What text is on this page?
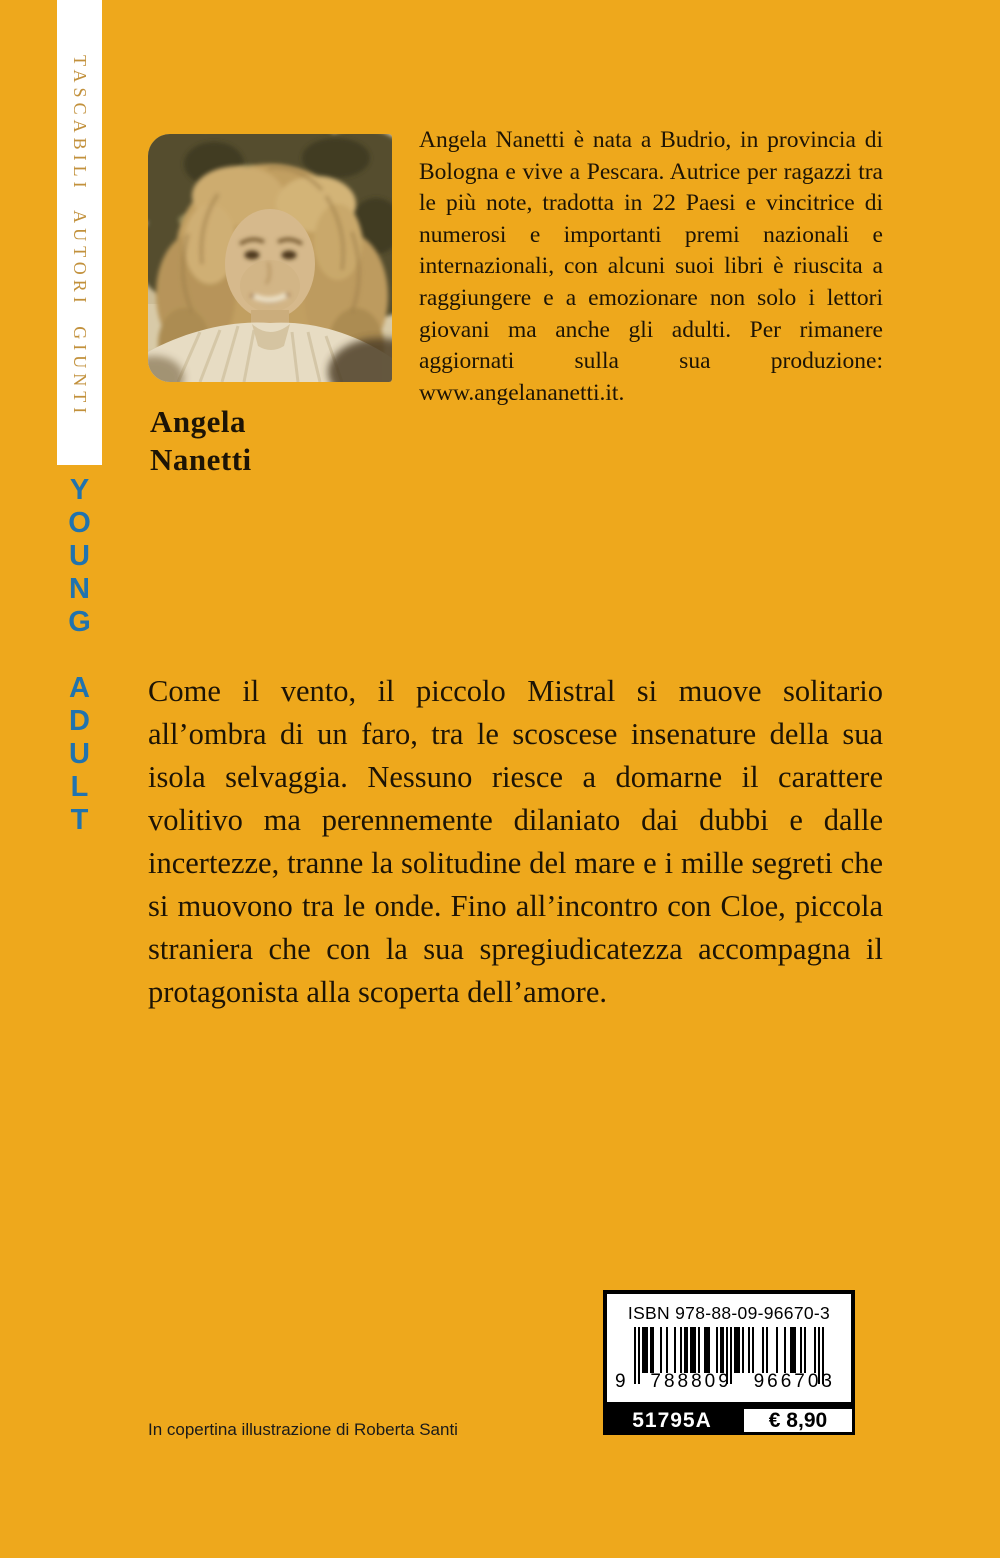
TASCABILI AUTORI GIUNTI
Y
O
U
N
G
A
D
U
L
T
Angela
Nanetti

Angela Nanetti è nata a Budrio, in provincia di Bologna e vive a Pescara. Autrice per ragazzi tra le più note, tradotta in 22 Paesi e vincitrice di numerosi e importanti premi nazionali e internazionali, con alcuni suoi libri è riuscita a raggiungere e a emozionare non solo i lettori giovani ma anche gli adulti. Per rimanere aggiornati sulla sua produzione: www.angelananetti.it.

Come il vento, il piccolo Mistral si muove solitario all’ombra di un faro, tra le scoscese insenature della sua isola selvaggia. Nessuno riesce a domarne il carattere volitivo ma perennemente dilaniato dai dubbi e dalle incertezze, tranne la solitudine del mare e i mille segreti che si muovono tra le onde. Fino all’incontro con Cloe, piccola straniera che con la sua spregiudicatezza accompagna il protagonista alla scoperta dell’amore.

ISBN 978-88-09-96670-3
9 788809 966703
51795A	€ 8,90
In copertina illustrazione di Roberta Santi
